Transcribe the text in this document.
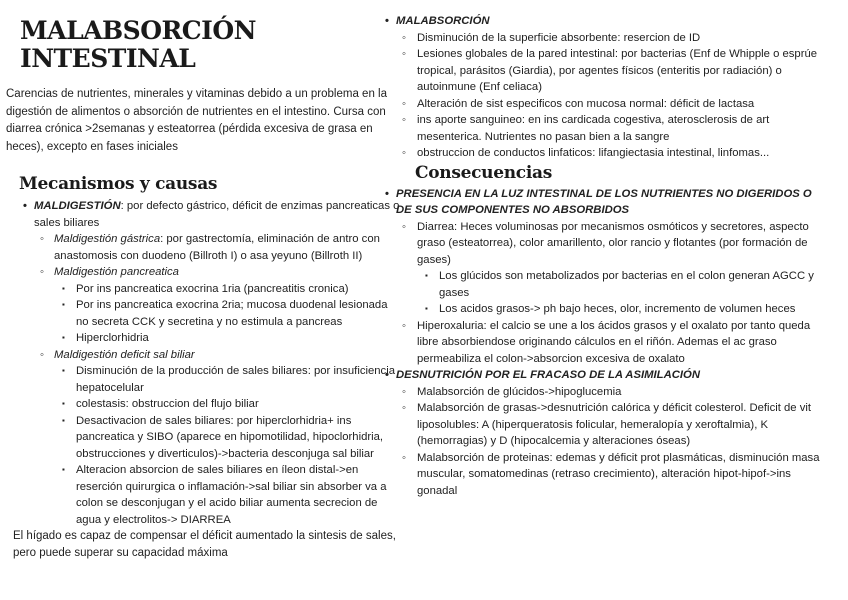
MALABSORCIÓN INTESTINAL

Carencias de nutrientes, minerales y vitaminas debido a un problema en la digestión de alimentos o absorción de nutrientes en el intestino. Cursa con diarrea crónica >2semanas y esteatorrea (pérdida excesiva de grasa en heces), excepto en fases iniciales

Mecanismos y causas
• MALDIGESTIÓN: por defecto gástrico, déficit de enzimas pancreaticas o sales biliares
◦ Maldigestión gástrica: por gastrectomía, eliminación de antro con anastomosis con duodeno (Billroth I) o asa yeyuno (Billroth II)
◦ Maldigestión pancreatica
▪ Por ins pancreatica exocrina 1ria (pancreatitis cronica)
▪ Por ins pancreatica exocrina 2ria; mucosa duodenal lesionada no secreta CCK y secretina y no estimula a pancreas
▪ Hiperclorhidria
◦ Maldigestión deficit sal biliar
▪ Disminución de la producción de sales biliares: por insuficiencia hepatocelular
▪ colestasis: obstruccion del flujo biliar
▪ Desactivacion de sales biliares: por hiperclorhidria+ ins pancreatica y SIBO (aparece en hipomotilidad, hipoclorhidria, obstrucciones y diverticulos)->bacteria desconjuga sal biliar
▪ Alteracion absorcion de sales biliares en íleon distal->en reserción quirurgica o inflamación->sal biliar sin absorber va a colon se desconjugan y el acido biliar aumenta secrecion de agua y electrolitos-> DIARREA

El hígado es capaz de compensar el déficit aumentado la sintesis de sales, pero puede superar su capacidad máxima

• MALABSORCIÓN
◦ Disminución de la superficie absorbente: resercion de ID
◦ Lesiones globales de la pared intestinal: por bacterias (Enf de Whipple o esprúe tropical, parásitos (Giardia), por agentes físicos (enteritis por radiación) o autoinmune (Enf celiaca)
◦ Alteración de sist especificos con mucosa normal: déficit de lactasa
◦ ins aporte sanguineo: en ins cardicada cogestiva, aterosclerosis de art mesenterica. Nutrientes no pasan bien a la sangre
◦ obstruccion de conductos linfaticos: lifangiectasia intestinal, linfomas...
Consecuencias
• PRESENCIA EN LA LUZ INTESTINAL DE LOS NUTRIENTES NO DIGERIDOS O DE SUS COMPONENTES NO ABSORBIDOS
◦ Diarrea: Heces voluminosas por mecanismos osmóticos y secretores, aspecto graso (esteatorrea), color amarillento, olor rancio y flotantes (por formación de gases)
▪ Los glúcidos son metabolizados por bacterias en el colon generan AGCC y gases
▪ Los acidos grasos-> ph bajo heces, olor, incremento de volumen heces
◦ Hiperoxaluria: el calcio se une a los ácidos grasos y el oxalato por tanto queda libre absorbiendose originando cálculos en el riñón. Ademas el ac graso permeabiliza el colon->absorcion excesiva de oxalato
• DESNUTRICIÓN POR EL FRACASO DE LA ASIMILACIÓN
◦ Malabsorción de glúcidos->hipoglucemia
◦ Malabsorción de grasas->desnutrición calórica y déficit colesterol. Deficit de vit liposolubles: A (hiperqueratosis folicular, hemeralopía y xeroftalmia), K (hemorragias) y D (hipocalcemia y alteraciones óseas)
◦ Malabsorción de proteinas: edemas y déficit prot plasmáticas, disminución masa muscular, somatomedinas (retraso crecimiento), alteración hipot-hipof->ins gonadal
